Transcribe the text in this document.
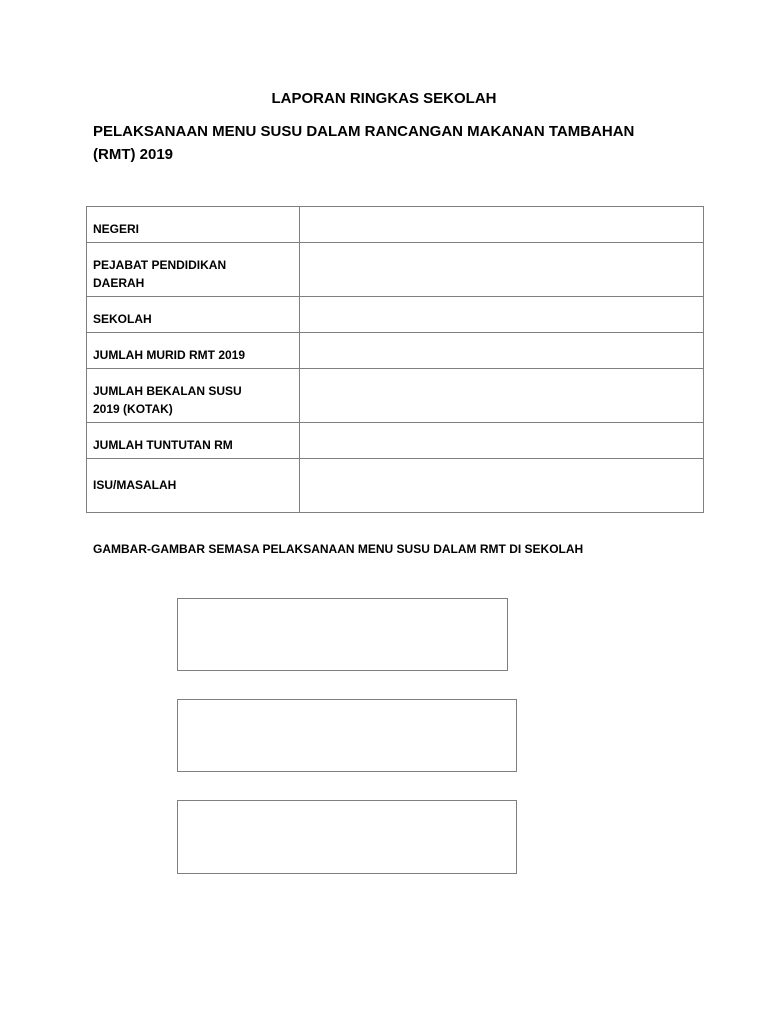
LAPORAN RINGKAS SEKOLAH
PELAKSANAAN MENU SUSU DALAM RANCANGAN MAKANAN TAMBAHAN
(RMT) 2019
NEGERI	

PEJABAT PENDIDIKAN
DAERAH	

SEKOLAH	

JUMLAH MURID RMT 2019	

JUMLAH BEKALAN SUSU
2019 (KOTAK)	

JUMLAH TUNTUTAN RM	

ISU/MASALAH	

GAMBAR-GAMBAR SEMASA PELAKSANAAN MENU SUSU DALAM RMT DI SEKOLAH
